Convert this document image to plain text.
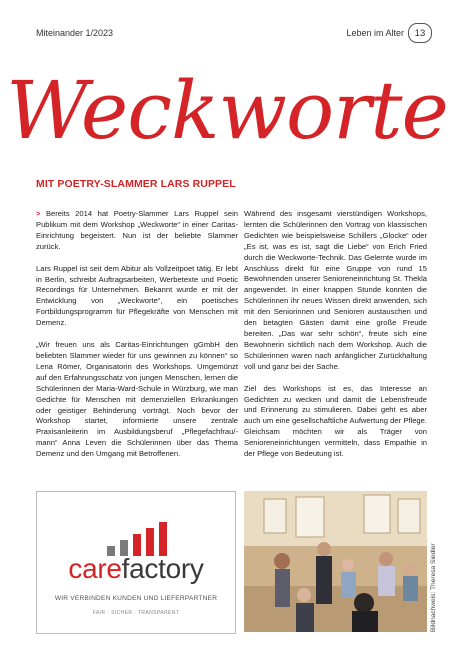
Miteinander 1/2023	Leben im Alter	13
Weckworte
MIT POETRY-SLAMMER LARS RUPPEL

> Bereits 2014 hat Poetry-Slammer Lars Ruppel sein Publikum mit dem Workshop „Weckworte“ in einer Caritas-Einrichtung begeistert. Nun ist der beliebte Slammer zurück.

Lars Ruppel ist seit dem Abitur als Vollzeitpoet tätig. Er lebt in Berlin, schreibt Auftragsarbeiten, Werbetexte und Poetic Recordings für Unternehmen. Bekannt wurde er mit der Entwicklung von „Weckworte“, ein poetisches Fortbildungsprogramm für Pflegekräfte von Menschen mit Demenz.

„Wir freuen uns als Caritas-Einrichtungen gGmbH den beliebten Slammer wieder für uns gewinnen zu können“ so Lena Römer, Organisatorin des Workshops. Umgemünzt auf den Erfahrungsschatz von jungen Menschen, lernen die Schülerinnen der Maria-Ward-Schule in Würzburg, wie man Gedichte für Menschen mit demenziellen Erkrankungen oder geistiger Behinderung vorträgt. Noch bevor der Workshop startet, informierte unsere zentrale Praxisanleiterin im Ausbildungsberuf „Pflegefachfrau/-mann“ Anna Leven die Schülerinnen über das Thema Demenz und den Umgang mit Betroffenen.

Während des insgesamt vierstündigen Workshops, lernten die Schülerinnen den Vortrag von klassischen Gedichten wie beispielsweise Schillers „Glocke“ oder „Es ist, was es ist, sagt die Liebe“ von Erich Fried durch die Weckworte-Technik. Das Gelernte wurde im Anschluss direkt für eine Gruppe von rund 15 Bewohnenden unserer Senioreneinrichtung St. Thekla angewendet. In einer knappen Stunde konnten die Schülerinnen ihr neues Wissen direkt anwenden, sich mit den Seniorinnen und Senioren austauschen und den betagten Gästen damit eine große Freude bereiten. „Das war sehr schön“, freute sich eine Bewohnerin sichtlich nach dem Workshop. Auch die Schülerinnen waren nach anfänglicher Zurückhaltung voll und ganz bei der Sache.

Ziel des Workshops ist es, das Interesse an Gedichten zu wecken und damit die Lebensfreude und Erinnerung zu stimulieren. Dabei geht es aber auch um eine gesellschaftliche Aufwertung der Pflege. Gleichsam möchten wir als Träger von Senioreneinrichtungen vermitteln, dass Empathie in der Pflege von Bedeutung ist.

carefactory
WIR VERBINDEN KUNDEN UND LIEFERPARTNER
FAIR · SICHER · TRANSPARENT	Bildnachweis: Theresa Siedler
